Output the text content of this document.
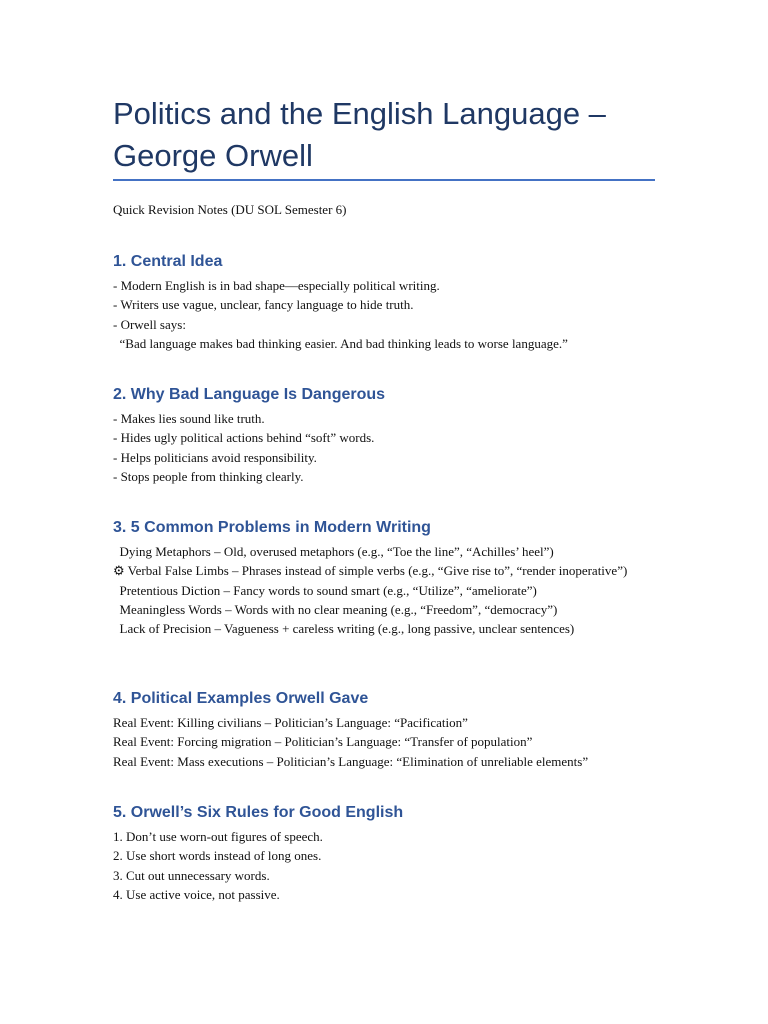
Politics and the English Language – George Orwell
Quick Revision Notes (DU SOL Semester 6)
1. Central Idea
- Modern English is in bad shape—especially political writing.
- Writers use vague, unclear, fancy language to hide truth.
- Orwell says:
“Bad language makes bad thinking easier. And bad thinking leads to worse language.”
2. Why Bad Language Is Dangerous
- Makes lies sound like truth.
- Hides ugly political actions behind “soft” words.
- Helps politicians avoid responsibility.
- Stops people from thinking clearly.
3. 5 Common Problems in Modern Writing
Dying Metaphors – Old, overused metaphors (e.g., “Toe the line”, “Achilles’ heel”)
⚙ Verbal False Limbs – Phrases instead of simple verbs (e.g., “Give rise to”, “render inoperative”)
Pretentious Diction – Fancy words to sound smart (e.g., “Utilize”, “ameliorate”)
Meaningless Words – Words with no clear meaning (e.g., “Freedom”, “democracy”)
Lack of Precision – Vagueness + careless writing (e.g., long passive, unclear sentences)
4. Political Examples Orwell Gave
Real Event: Killing civilians – Politician’s Language: “Pacification”
Real Event: Forcing migration – Politician’s Language: “Transfer of population”
Real Event: Mass executions – Politician’s Language: “Elimination of unreliable elements”
5. Orwell’s Six Rules for Good English
1. Don’t use worn-out figures of speech.
2. Use short words instead of long ones.
3. Cut out unnecessary words.
4. Use active voice, not passive.
